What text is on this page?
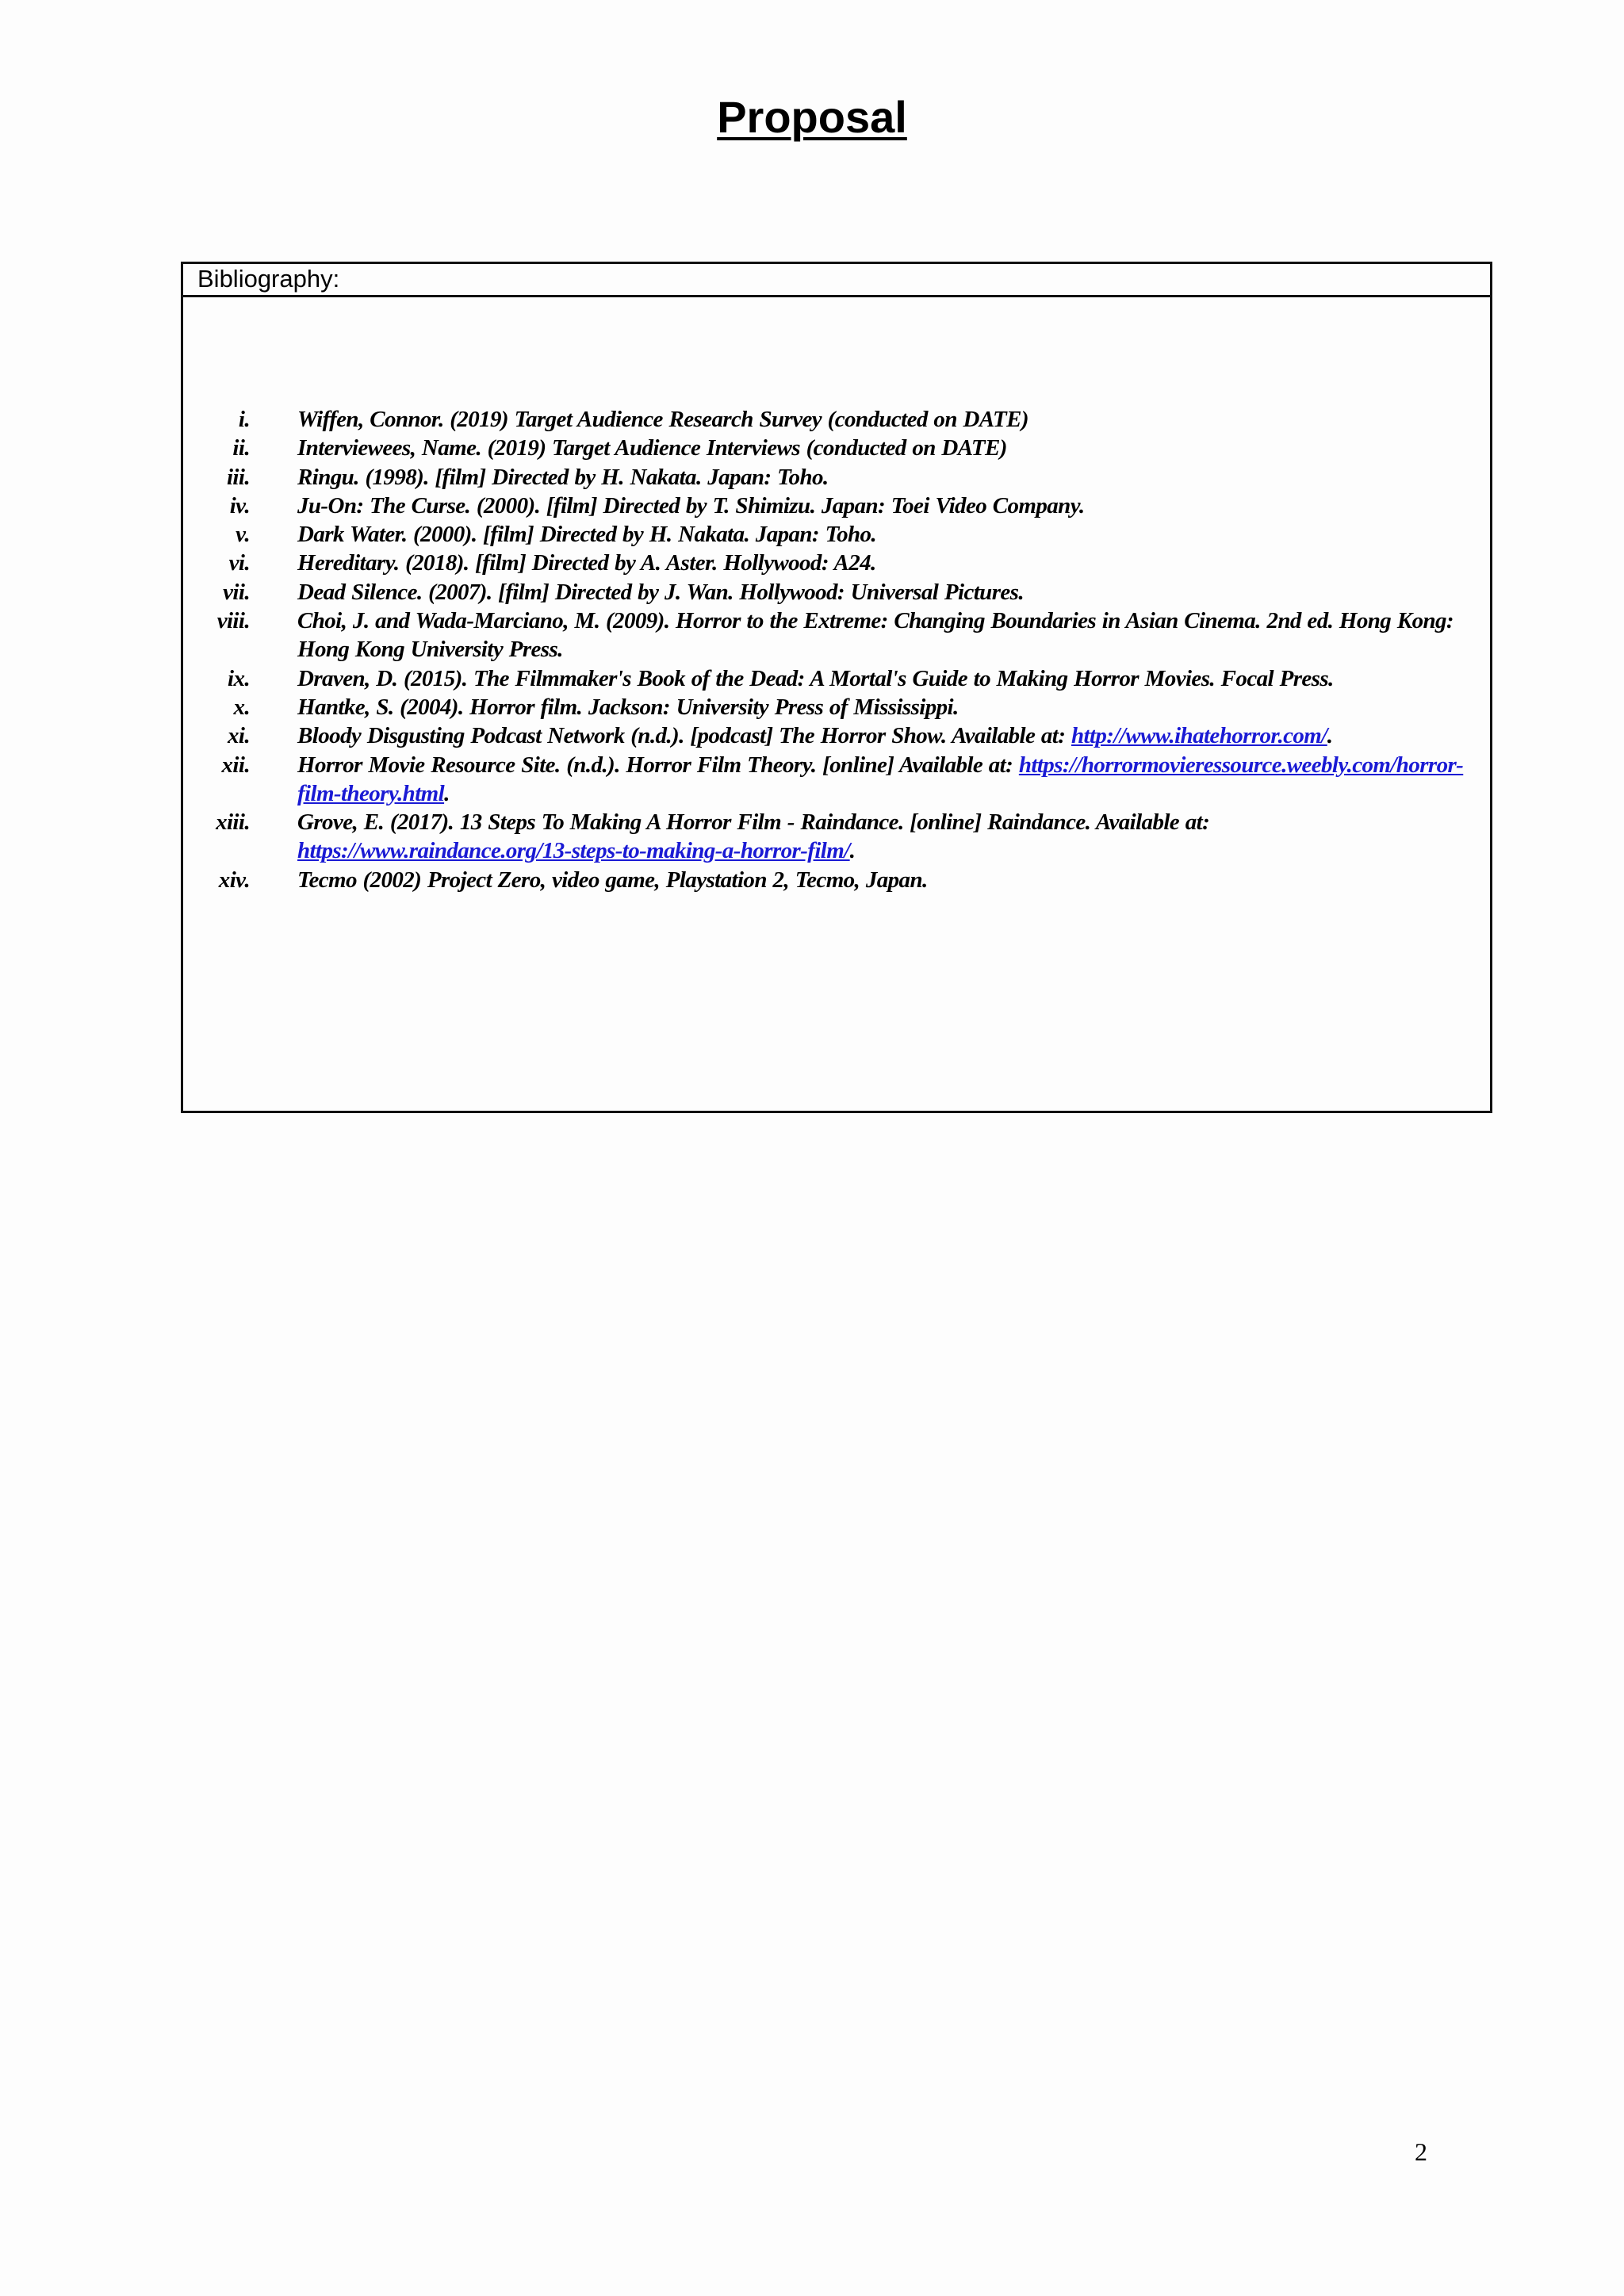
Proposal
Bibliography:
i. Wiffen, Connor. (2019) Target Audience Research Survey (conducted on DATE)
ii. Interviewees, Name. (2019) Target Audience Interviews (conducted on DATE)
iii. Ringu. (1998). [film] Directed by H. Nakata. Japan: Toho.
iv. Ju-On: The Curse. (2000). [film] Directed by T. Shimizu. Japan: Toei Video Company.
v. Dark Water. (2000). [film] Directed by H. Nakata. Japan: Toho.
vi. Hereditary. (2018). [film] Directed by A. Aster. Hollywood: A24.
vii. Dead Silence. (2007). [film] Directed by J. Wan. Hollywood: Universal Pictures.
viii. Choi, J. and Wada-Marciano, M. (2009). Horror to the Extreme: Changing Boundaries in Asian Cinema. 2nd ed. Hong Kong: Hong Kong University Press.
ix. Draven, D. (2015). The Filmmaker's Book of the Dead: A Mortal's Guide to Making Horror Movies. Focal Press.
x. Hantke, S. (2004). Horror film. Jackson: University Press of Mississippi.
xi. Bloody Disgusting Podcast Network (n.d.). [podcast] The Horror Show. Available at: http://www.ihatehorror.com/.
xii. Horror Movie Resource Site. (n.d.). Horror Film Theory. [online] Available at: https://horrormovieressource.weebly.com/horror-film-theory.html.
xiii. Grove, E. (2017). 13 Steps To Making A Horror Film - Raindance. [online] Raindance. Available at: https://www.raindance.org/13-steps-to-making-a-horror-film/.
xiv. Tecmo (2002) Project Zero, video game, Playstation 2, Tecmo, Japan.
2
